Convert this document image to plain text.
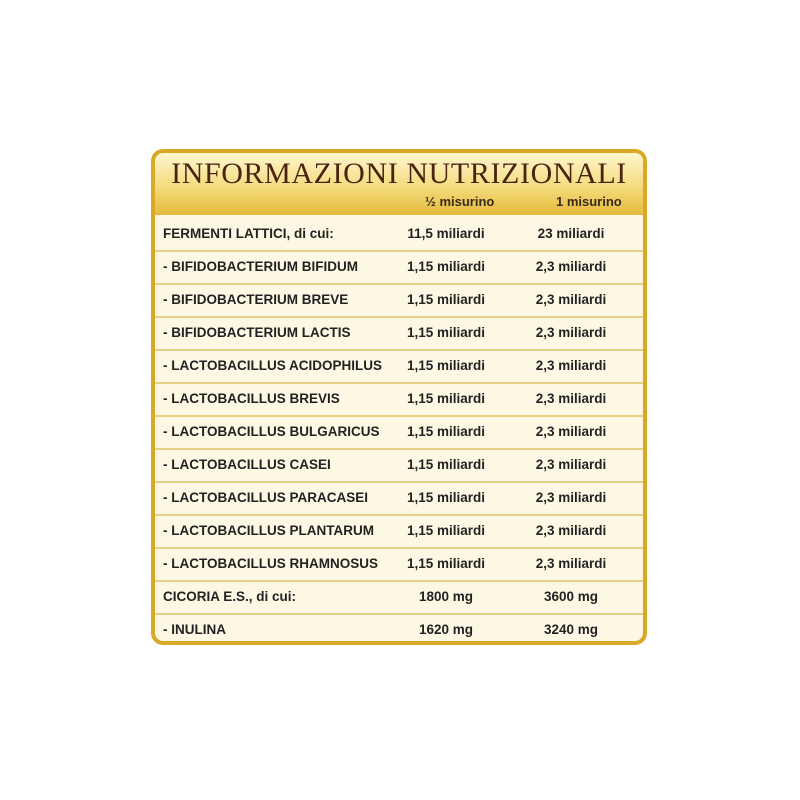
INFORMAZIONI NUTRIZIONALI
½ misurino	1 misurino
FERMENTI LATTICI, di cui:	11,5 miliardi	23 miliardi
- BIFIDOBACTERIUM BIFIDUM	1,15 miliardi	2,3 miliardi
- BIFIDOBACTERIUM BREVE	1,15 miliardi	2,3 miliardi
- BIFIDOBACTERIUM LACTIS	1,15 miliardi	2,3 miliardi
- LACTOBACILLUS ACIDOPHILUS	1,15 miliardi	2,3 miliardi
- LACTOBACILLUS BREVIS	1,15 miliardi	2,3 miliardi
- LACTOBACILLUS BULGARICUS	1,15 miliardi	2,3 miliardi
- LACTOBACILLUS CASEI	1,15 miliardi	2,3 miliardi
- LACTOBACILLUS PARACASEI	1,15 miliardi	2,3 miliardi
- LACTOBACILLUS PLANTARUM	1,15 miliardi	2,3 miliardi
- LACTOBACILLUS RHAMNOSUS	1,15 miliardi	2,3 miliardi
CICORIA E.S., di cui:	1800 mg	3600 mg
- INULINA	1620 mg	3240 mg
